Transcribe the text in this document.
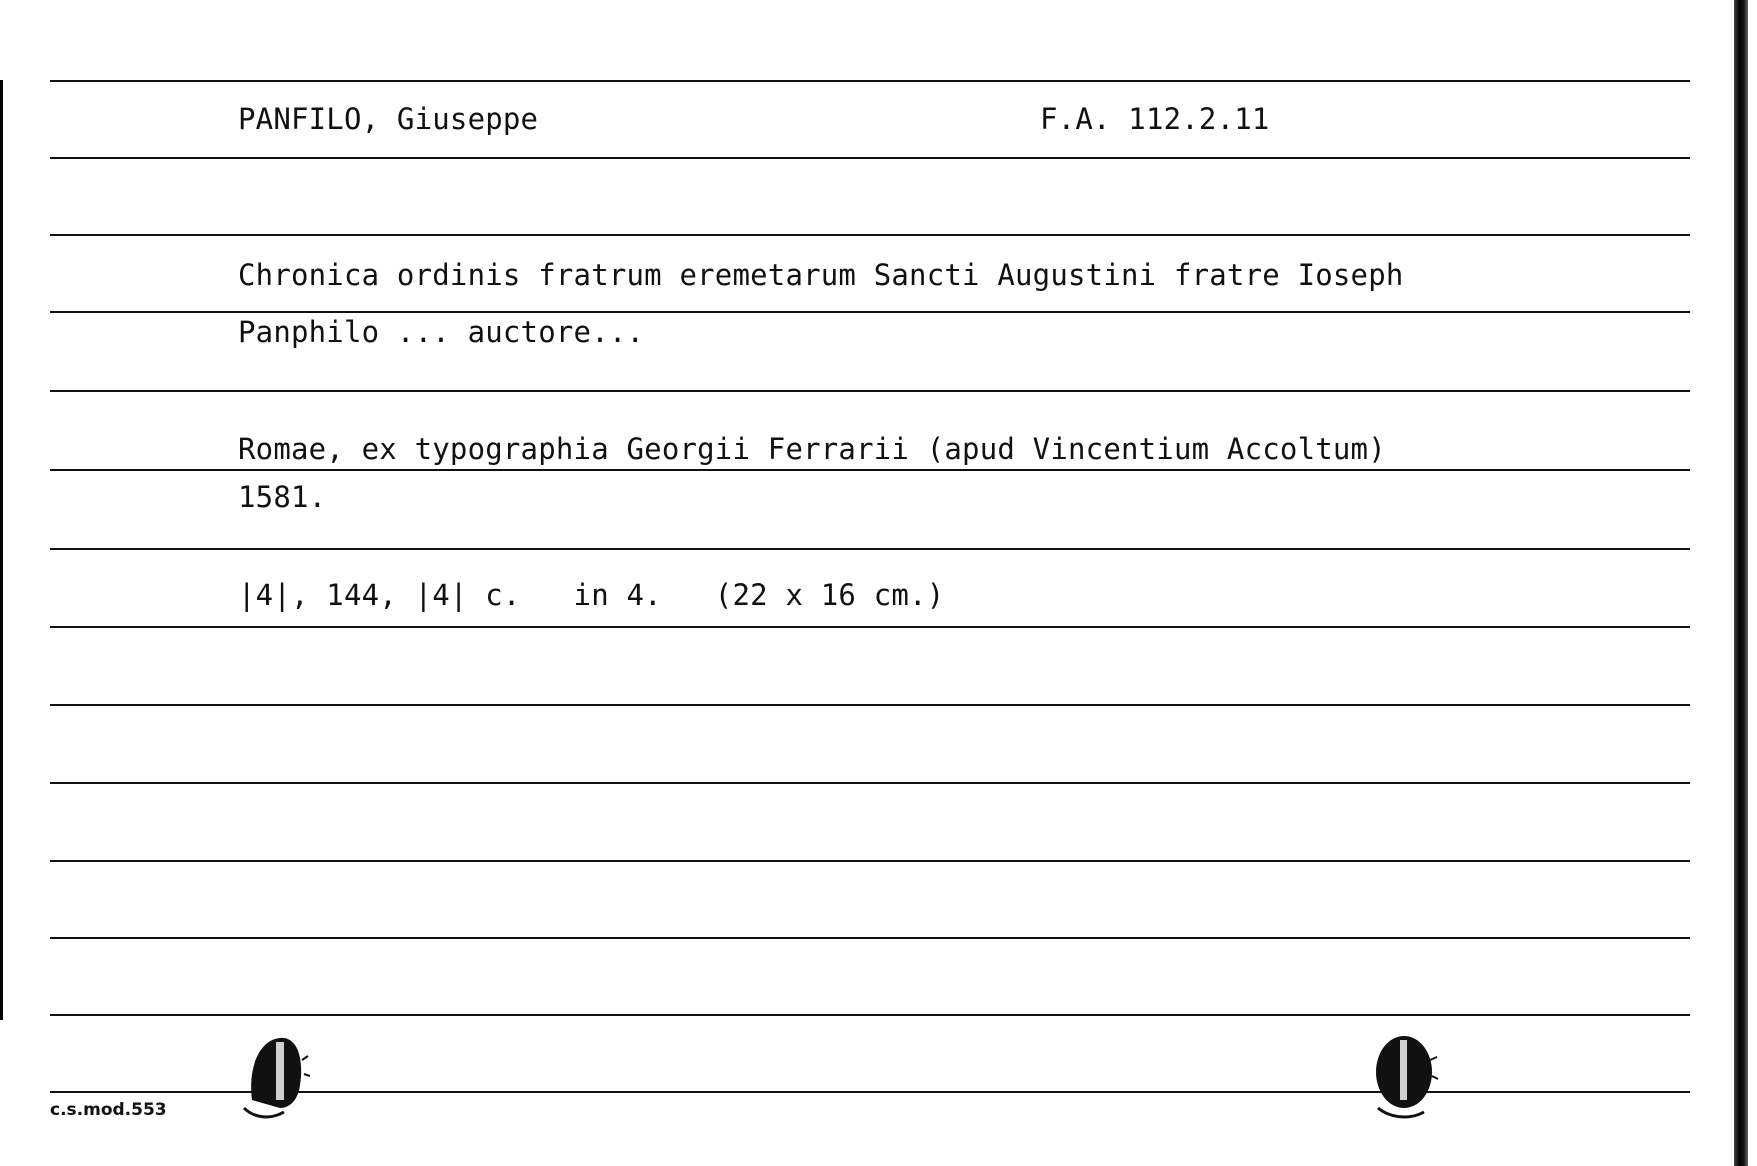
PANFILO, Giuseppe	F.A. 112.2.11
Chronica ordinis fratrum eremetarum Sancti Augustini fratre Ioseph
Panphilo ... auctore...
Romae, ex typographia Georgii Ferrarii (apud Vincentium Accoltum)
1581.
|4|, 144, |4| c.   in 4.   (22 x 16 cm.)
c.s.mod.553
